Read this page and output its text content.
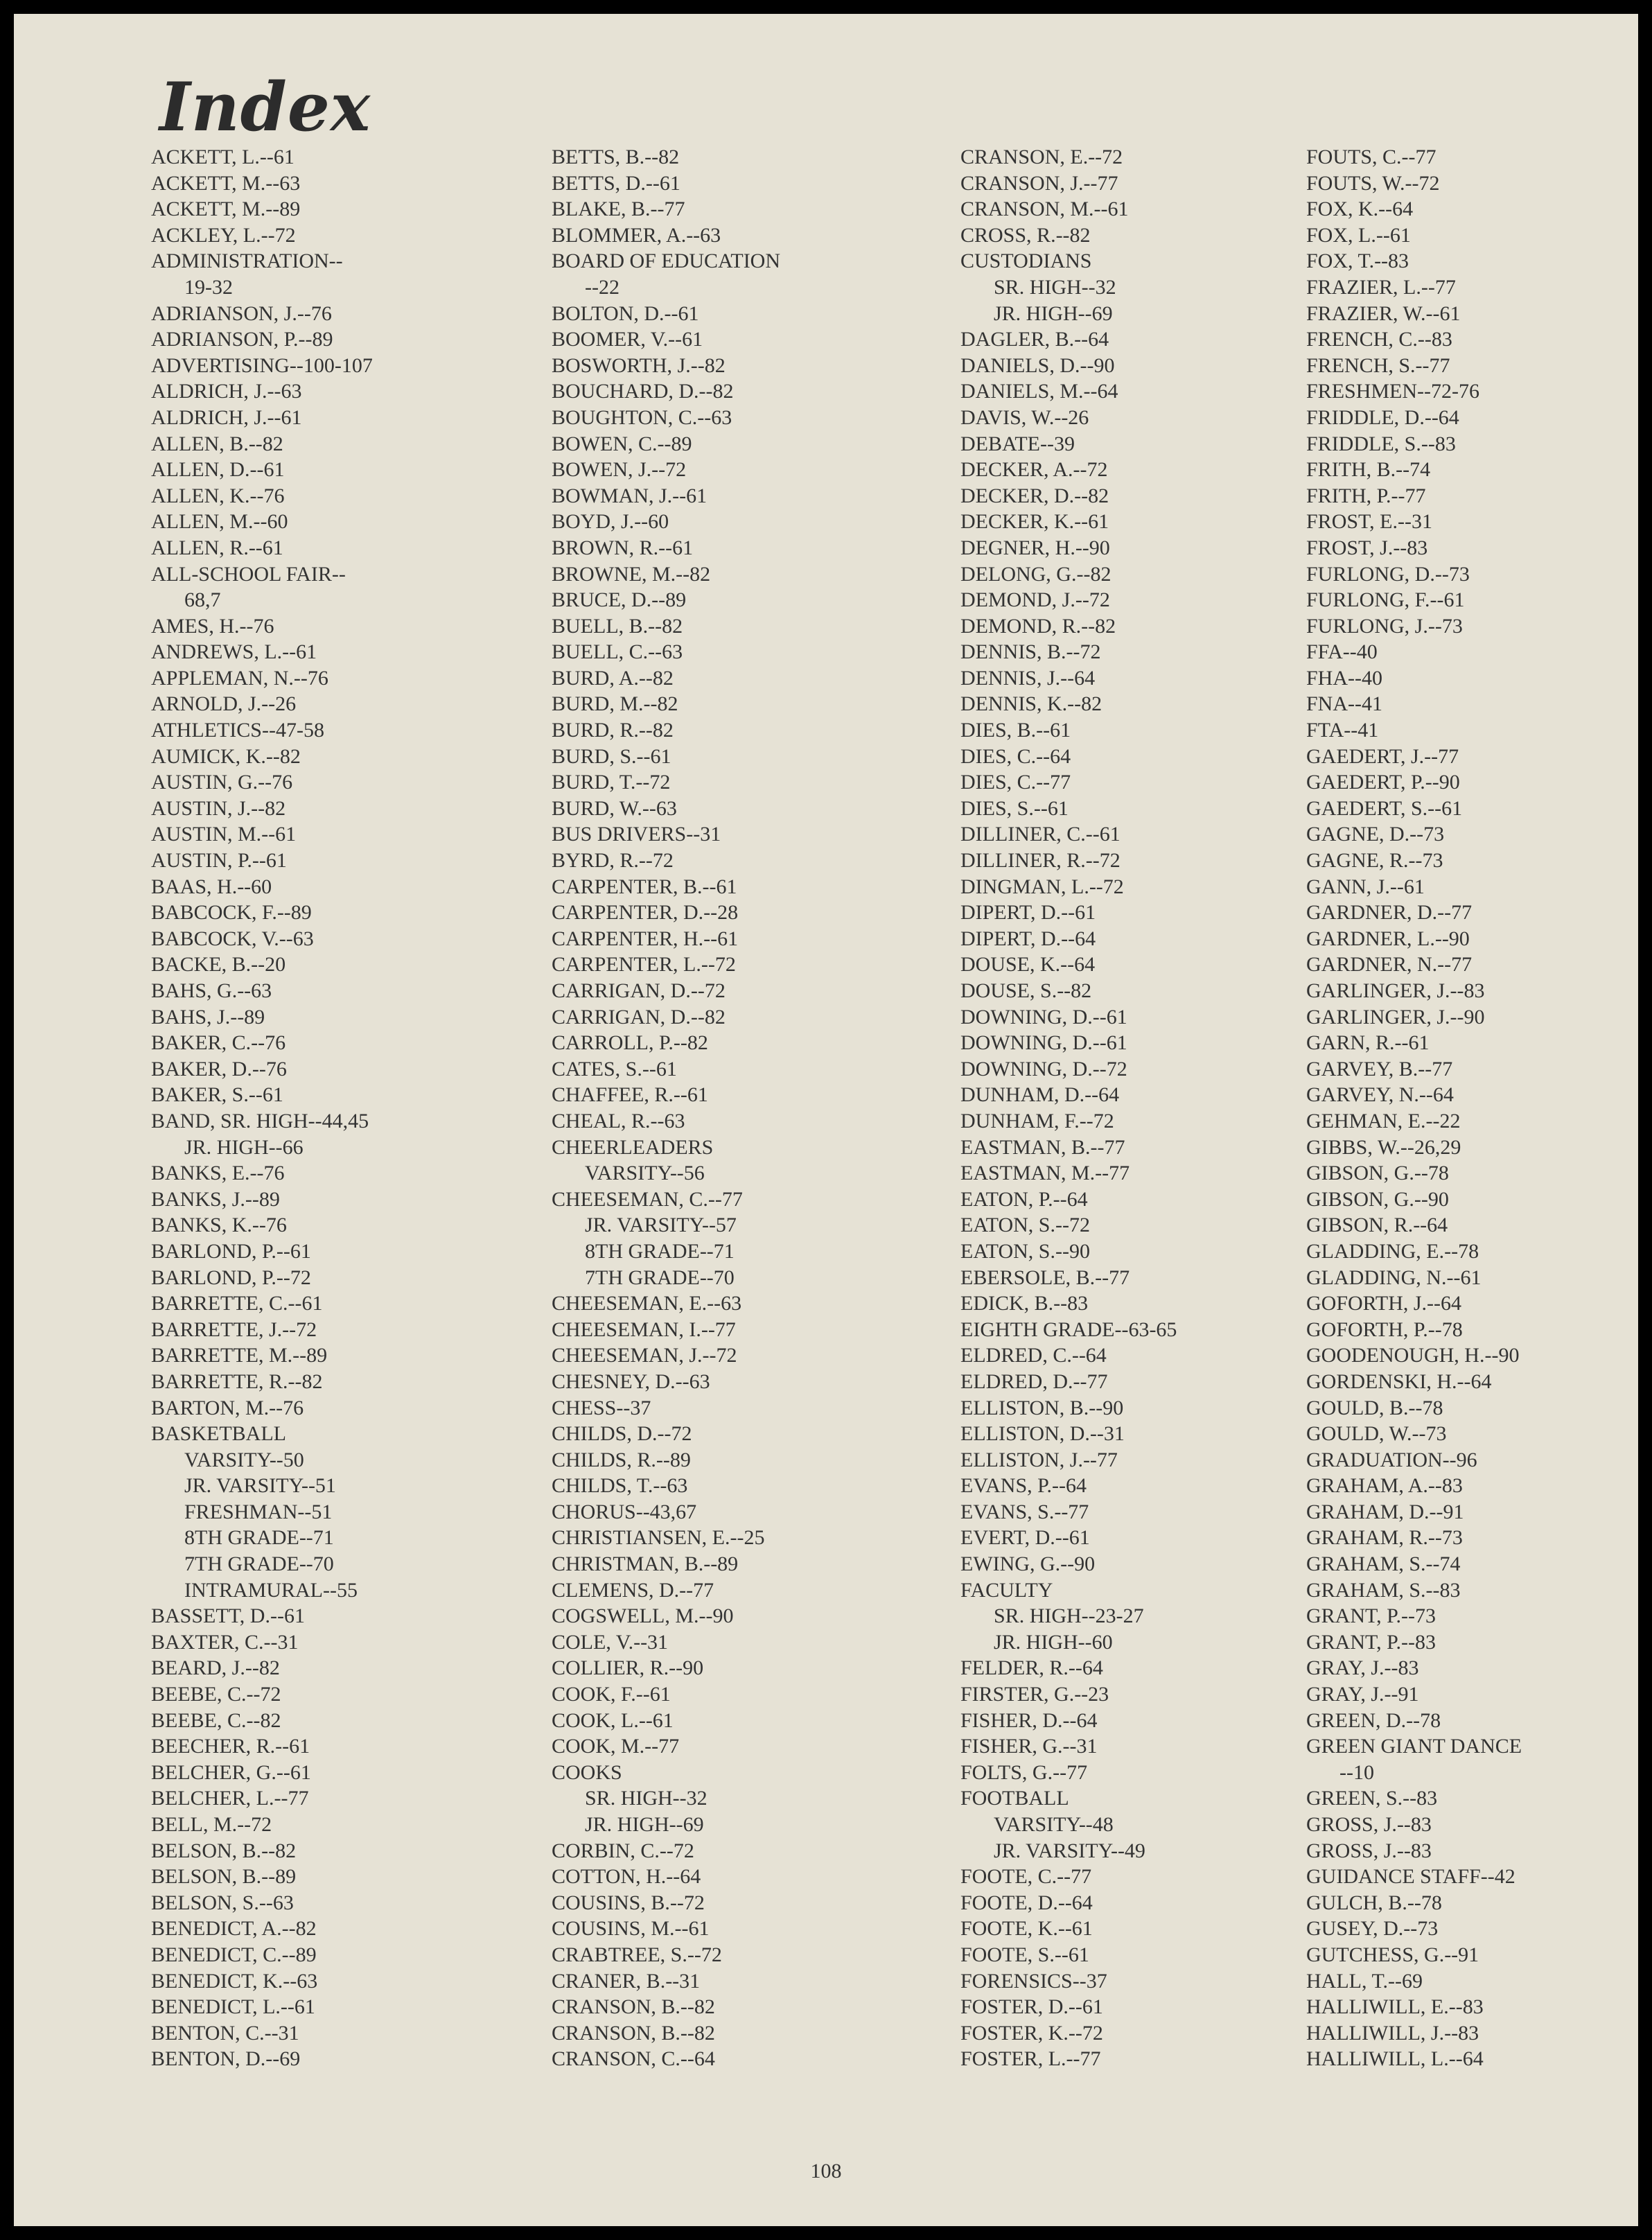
Index
ACKETT, L.--61
ACKETT, M.--63
ACKETT, M.--89
ACKLEY, L.--72
ADMINISTRATION--
19-32
ADRIANSON, J.--76
ADRIANSON, P.--89
ADVERTISING--100-107
ALDRICH, J.--63
ALDRICH, J.--61
ALLEN, B.--82
ALLEN, D.--61
ALLEN, K.--76
ALLEN, M.--60
ALLEN, R.--61
ALL-SCHOOL FAIR--
68,7
AMES, H.--76
ANDREWS, L.--61
APPLEMAN, N.--76
ARNOLD, J.--26
ATHLETICS--47-58
AUMICK, K.--82
AUSTIN, G.--76
AUSTIN, J.--82
AUSTIN, M.--61
AUSTIN, P.--61
BAAS, H.--60
BABCOCK, F.--89
BABCOCK, V.--63
BACKE, B.--20
BAHS, G.--63
BAHS, J.--89
BAKER, C.--76
BAKER, D.--76
BAKER, S.--61
BAND, SR. HIGH--44,45
JR. HIGH--66
BANKS, E.--76
BANKS, J.--89
BANKS, K.--76
BARLOND, P.--61
BARLOND, P.--72
BARRETTE, C.--61
BARRETTE, J.--72
BARRETTE, M.--89
BARRETTE, R.--82
BARTON, M.--76
BASKETBALL
VARSITY--50
JR. VARSITY--51
FRESHMAN--51
8TH GRADE--71
7TH GRADE--70
INTRAMURAL--55
BASSETT, D.--61
BAXTER, C.--31
BEARD, J.--82
BEEBE, C.--72
BEEBE, C.--82
BEECHER, R.--61
BELCHER, G.--61
BELCHER, L.--77
BELL, M.--72
BELSON, B.--82
BELSON, B.--89
BELSON, S.--63
BENEDICT, A.--82
BENEDICT, C.--89
BENEDICT, K.--63
BENEDICT, L.--61
BENTON, C.--31
BENTON, D.--69
BETTS, B.--82
BETTS, D.--61
BLAKE, B.--77
BLOMMER, A.--63
BOARD OF EDUCATION
--22
BOLTON, D.--61
BOOMER, V.--61
BOSWORTH, J.--82
BOUCHARD, D.--82
BOUGHTON, C.--63
BOWEN, C.--89
BOWEN, J.--72
BOWMAN, J.--61
BOYD, J.--60
BROWN, R.--61
BROWNE, M.--82
BRUCE, D.--89
BUELL, B.--82
BUELL, C.--63
BURD, A.--82
BURD, M.--82
BURD, R.--82
BURD, S.--61
BURD, T.--72
BURD, W.--63
BUS DRIVERS--31
BYRD, R.--72
CARPENTER, B.--61
CARPENTER, D.--28
CARPENTER, H.--61
CARPENTER, L.--72
CARRIGAN, D.--72
CARRIGAN, D.--82
CARROLL, P.--82
CATES, S.--61
CHAFFEE, R.--61
CHEAL, R.--63
CHEERLEADERS
VARSITY--56
CHEESEMAN, C.--77
JR. VARSITY--57
8TH GRADE--71
7TH GRADE--70
CHEESEMAN, E.--63
CHEESEMAN, I.--77
CHEESEMAN, J.--72
CHESNEY, D.--63
CHESS--37
CHILDS, D.--72
CHILDS, R.--89
CHILDS, T.--63
CHORUS--43,67
CHRISTIANSEN, E.--25
CHRISTMAN, B.--89
CLEMENS, D.--77
COGSWELL, M.--90
COLE, V.--31
COLLIER, R.--90
COOK, F.--61
COOK, L.--61
COOK, M.--77
COOKS
SR. HIGH--32
JR. HIGH--69
CORBIN, C.--72
COTTON, H.--64
COUSINS, B.--72
COUSINS, M.--61
CRABTREE, S.--72
CRANER, B.--31
CRANSON, B.--82
CRANSON, B.--82
CRANSON, C.--64
CRANSON, E.--72
CRANSON, J.--77
CRANSON, M.--61
CROSS, R.--82
CUSTODIANS
SR. HIGH--32
JR. HIGH--69
DAGLER, B.--64
DANIELS, D.--90
DANIELS, M.--64
DAVIS, W.--26
DEBATE--39
DECKER, A.--72
DECKER, D.--82
DECKER, K.--61
DEGNER, H.--90
DELONG, G.--82
DEMOND, J.--72
DEMOND, R.--82
DENNIS, B.--72
DENNIS, J.--64
DENNIS, K.--82
DIES, B.--61
DIES, C.--64
DIES, C.--77
DIES, S.--61
DILLINER, C.--61
DILLINER, R.--72
DINGMAN, L.--72
DIPERT, D.--61
DIPERT, D.--64
DOUSE, K.--64
DOUSE, S.--82
DOWNING, D.--61
DOWNING, D.--61
DOWNING, D.--72
DUNHAM, D.--64
DUNHAM, F.--72
EASTMAN, B.--77
EASTMAN, M.--77
EATON, P.--64
EATON, S.--72
EATON, S.--90
EBERSOLE, B.--77
EDICK, B.--83
EIGHTH GRADE--63-65
ELDRED, C.--64
ELDRED, D.--77
ELLISTON, B.--90
ELLISTON, D.--31
ELLISTON, J.--77
EVANS, P.--64
EVANS, S.--77
EVERT, D.--61
EWING, G.--90
FACULTY
SR. HIGH--23-27
JR. HIGH--60
FELDER, R.--64
FIRSTER, G.--23
FISHER, D.--64
FISHER, G.--31
FOLTS, G.--77
FOOTBALL
VARSITY--48
JR. VARSITY--49
FOOTE, C.--77
FOOTE, D.--64
FOOTE, K.--61
FOOTE, S.--61
FORENSICS--37
FOSTER, D.--61
FOSTER, K.--72
FOSTER, L.--77
FOUTS, C.--77
FOUTS, W.--72
FOX, K.--64
FOX, L.--61
FOX, T.--83
FRAZIER, L.--77
FRAZIER, W.--61
FRENCH, C.--83
FRENCH, S.--77
FRESHMEN--72-76
FRIDDLE, D.--64
FRIDDLE, S.--83
FRITH, B.--74
FRITH, P.--77
FROST, E.--31
FROST, J.--83
FURLONG, D.--73
FURLONG, F.--61
FURLONG, J.--73
FFA--40
FHA--40
FNA--41
FTA--41
GAEDERT, J.--77
GAEDERT, P.--90
GAEDERT, S.--61
GAGNE, D.--73
GAGNE, R.--73
GANN, J.--61
GARDNER, D.--77
GARDNER, L.--90
GARDNER, N.--77
GARLINGER, J.--83
GARLINGER, J.--90
GARN, R.--61
GARVEY, B.--77
GARVEY, N.--64
GEHMAN, E.--22
GIBBS, W.--26,29
GIBSON, G.--78
GIBSON, G.--90
GIBSON, R.--64
GLADDING, E.--78
GLADDING, N.--61
GOFORTH, J.--64
GOFORTH, P.--78
GOODENOUGH, H.--90
GORDENSKI, H.--64
GOULD, B.--78
GOULD, W.--73
GRADUATION--96
GRAHAM, A.--83
GRAHAM, D.--91
GRAHAM, R.--73
GRAHAM, S.--74
GRAHAM, S.--83
GRANT, P.--73
GRANT, P.--83
GRAY, J.--83
GRAY, J.--91
GREEN, D.--78
GREEN GIANT DANCE
--10
GREEN, S.--83
GROSS, J.--83
GROSS, J.--83
GUIDANCE STAFF--42
GULCH, B.--78
GUSEY, D.--73
GUTCHESS, G.--91
HALL, T.--69
HALLIWILL, E.--83
HALLIWILL, J.--83
HALLIWILL, L.--64
108
